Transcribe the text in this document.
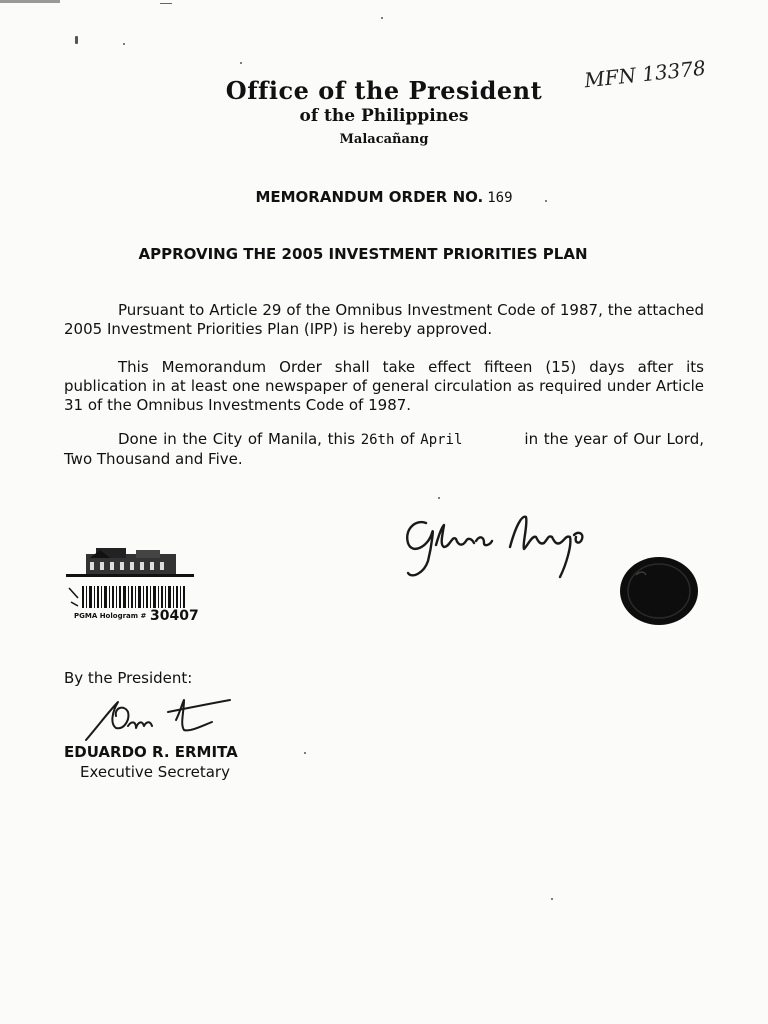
Office of the President
of the Philippines
Malacañang
MFN 13378
MEMORANDUM ORDER NO. 169
APPROVING THE 2005 INVESTMENT PRIORITIES PLAN
Pursuant to Article 29 of the Omnibus Investment Code of 1987, the attached 2005 Investment Priorities Plan (IPP) is hereby approved.
This Memorandum Order shall take effect fifteen (15) days after its publication in at least one newspaper of general circulation as required under Article 31 of the Omnibus Investments Code of 1987.
Done in the City of Manila, this 26th of April	in the year of Our Lord, Two Thousand and Five.
PGMA Hologram # 30407
By the President:
EDUARDO R. ERMITA
Executive Secretary
